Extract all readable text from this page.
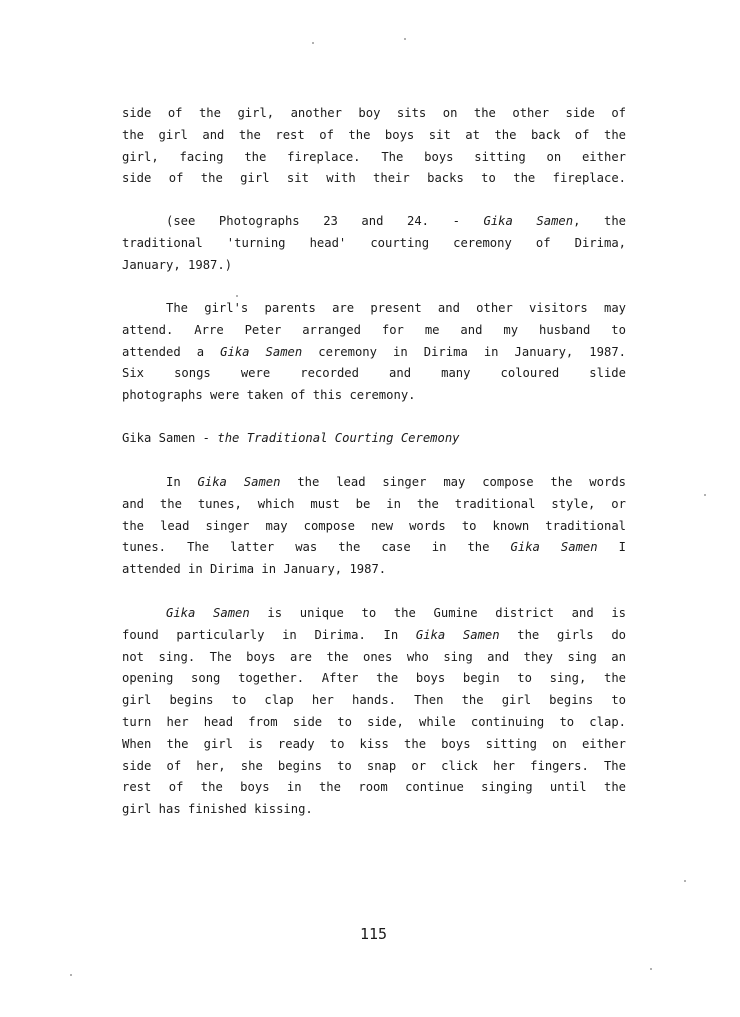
side of the girl, another boy sits on the other side of
the girl and the rest of the boys sit at the back of the
girl, facing the fireplace. The boys sitting on either
side of the girl sit with their backs to the fireplace.
(see Photographs 23 and 24. - Gika Samen, the
traditional 'turning head' courting ceremony of Dirima,
January, 1987.)
The girl's parents are present and other visitors may
attend. Arre Peter arranged for me and my husband to
attended a Gika Samen ceremony in Dirima in January, 1987.
Six songs were recorded and many coloured slide
photographs were taken of this ceremony.
Gika Samen - the Traditional Courting Ceremony
In Gika Samen the lead singer may compose the words
and the tunes, which must be in the traditional style, or
the lead singer may compose new words to known traditional
tunes. The latter was the case in the Gika Samen I
attended in Dirima in January, 1987.
Gika Samen is unique to the Gumine district and is
found particularly in Dirima. In Gika Samen the girls do
not sing. The boys are the ones who sing and they sing an
opening song together. After the boys begin to sing, the
girl begins to clap her hands. Then the girl begins to
turn her head from side to side, while continuing to clap.
When the girl is ready to kiss the boys sitting on either
side of her, she begins to snap or click her fingers. The
rest of the boys in the room continue singing until the
girl has finished kissing.
115
